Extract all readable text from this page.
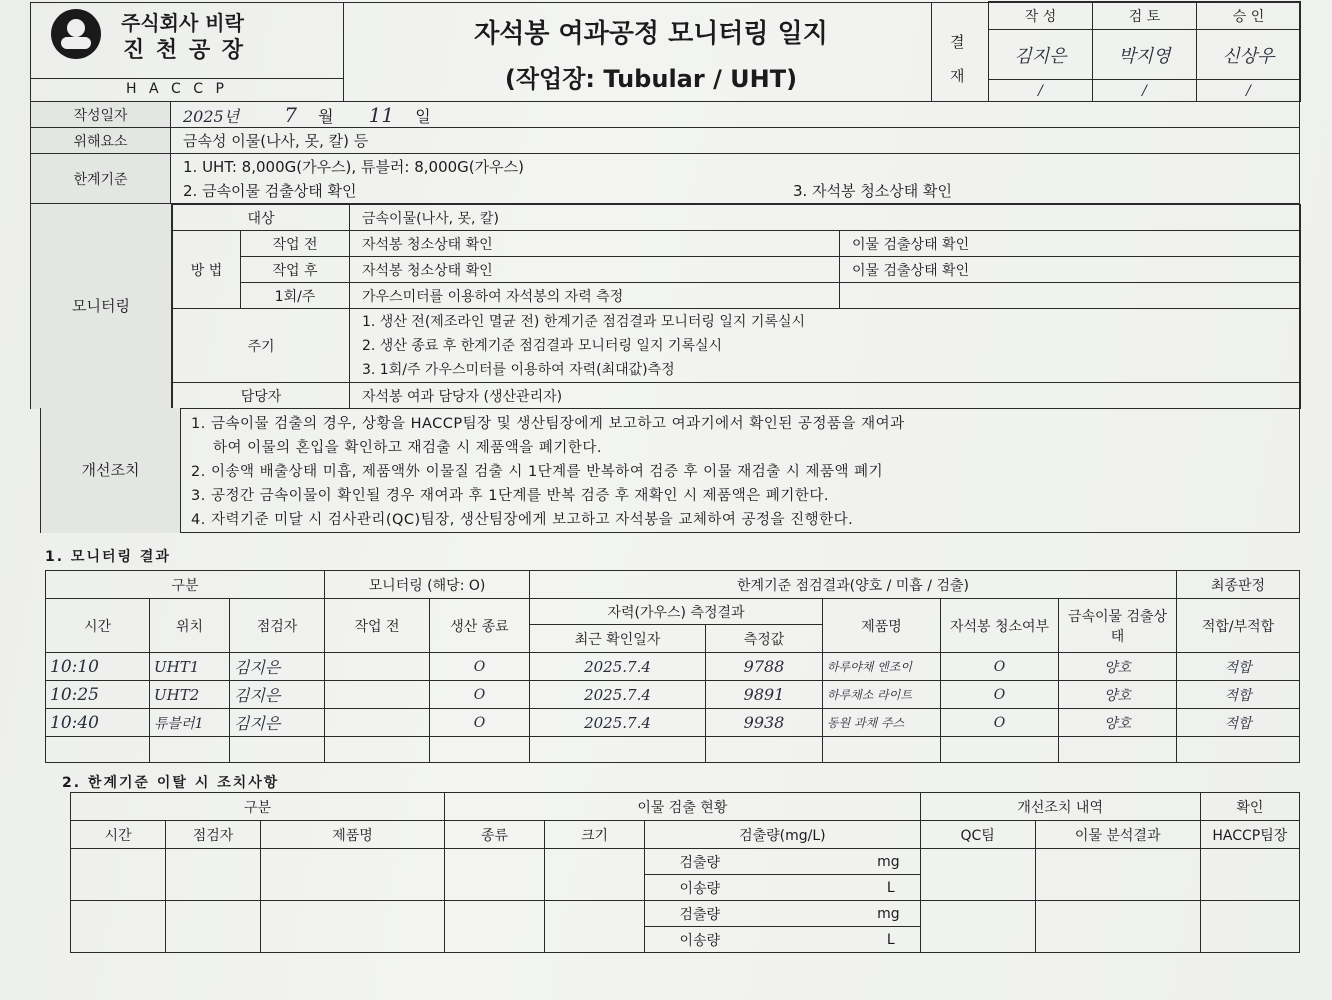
주식회사 비락
진 천 공 장
H A C C P
자석봉 여과공정 모니터링 일지
(작업장: Tubular / UHT)
결
재
작 성	검 토	승 인
김지은	박지영	신상우
/	/	/
작성일자	2025년 7 월 11 일
위해요소	금속성 이물(나사, 못, 칼) 등
한계기준	1. UHT: 8,000G(가우스), 튜블러: 8,000G(가우스)
2. 금속이물 검출상태 확인 3. 자석봉 청소상태 확인
모니터링
대상		금속이물(나사, 못, 칼)	
방 법	작업 전	자석봉 청소상태 확인	이물 검출상태 확인
	작업 후	자석봉 청소상태 확인	이물 검출상태 확인
	1회/주	가우스미터를 이용하여 자석봉의 자력 측정	
주기		1. 생산 전(제조라인 멸균 전) 한계기준 점검결과 모니터링 일지 기록실시
2. 생산 종료 후 한계기준 점검결과 모니터링 일지 기록실시
3. 1회/주 가우스미터를 이용하여 자력(최대값)측정	

담당자		자석봉 여과 담당자 (생산관리자)	
개선조치
1. 금속이물 검출의 경우, 상황을 HACCP팀장 및 생산팀장에게 보고하고 여과기에서 확인된 공정품을 재여과
하여 이물의 혼입을 확인하고 재검출 시 제품액을 폐기한다.
2. 이송액 배출상태 미흡, 제품액外 이물질 검출 시 1단계를 반복하여 검증 후 이물 재검출 시 제품액 폐기
3. 공정간 금속이물이 확인될 경우 재여과 후 1단계를 반복 검증 후 재확인 시 제품액은 폐기한다.
4. 자력기준 미달 시 검사관리(QC)팀장, 생산팀장에게 보고하고 자석봉을 교체하여 공정을 진행한다.
1. 모니터링 결과
구분			모니터링 (해당: O)		한계기준 점검결과(양호 / 미흡 / 검출)					최종판정
시간	위치	점검자	작업 전	생산 종료	자력(가우스) 측정결과		제품명	자석봉 청소여부	금속이물 검출상태	적합/부적합
					최근 확인일자	측정값				
10:10	UHT1	김지은		O	2025.7.4	9788	하루야채 엔조이	O	양호	적합
10:25	UHT2	김지은		O	2025.7.4	9891	하루채소 라이트	O	양호	적합
10:40	튜블러1	김지은		O	2025.7.4	9938	동원 과채 주스	O	양호	적합

2. 한계기준 이탈 시 조치사항
구분			이물 검출 현황				개선조치 내역		확인
시간	점검자	제품명	종류	크기	검출량(mg/L)		QC팀	이물 분석결과	HACCP팀장
					검출량	mg			
					이송량	L			
					검출량	mg			
					이송량	L			
